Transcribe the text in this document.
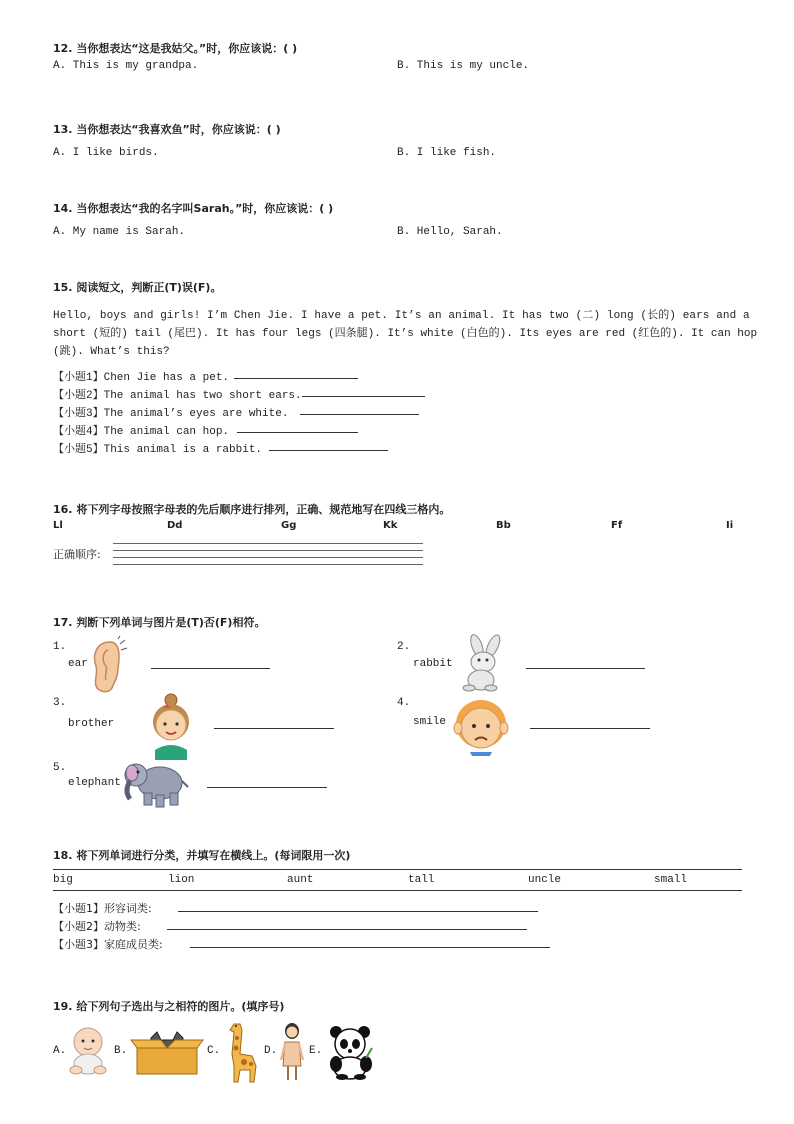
12. 当你想表达“这是我姑父。”时，你应该说：( )
A. This is my grandpa.	B. This is my uncle.
13. 当你想表达“我喜欢鱼”时，你应该说：( )
A. I like birds.	B. I like fish.
14. 当你想表达“我的名字叫Sarah。”时，你应该说：( )
A. My name is Sarah.	B. Hello, Sarah.
15. 阅读短文，判断正(T)误(F)。
Hello, boys and girls! I’m Chen Jie. I have a pet. It’s an animal. It has two (二) long (长的) ears and a
short (短的) tail (尾巴). It has four legs (四条腿). It’s white (白色的). Its eyes are red (红色的). It can hop
(跳). What’s this?
【小题1】Chen Jie has a pet.
【小题2】The animal has two short ears.
【小题3】The animal’s eyes are white.
【小题4】The animal can hop.
【小题5】This animal is a rabbit.
16. 将下列字母按照字母表的先后顺序进行排列，正确、规范地写在四线三格内。
Ll	Dd	Gg	Kk	Bb	Ff	Ii
正确顺序:
17. 判断下列单词与图片是(T)否(F)相符。
1.
ear
2.
rabbit
3.
brother
4.
smile
5.
elephant
18. 将下列单词进行分类，并填写在横线上。(每词限用一次)
big	lion	aunt	tall	uncle	small
【小题1】形容词类:
【小题2】动物类:
【小题3】家庭成员类:
19. 给下列句子选出与之相符的图片。(填序号)
A.	B.	C.	D.	E.
